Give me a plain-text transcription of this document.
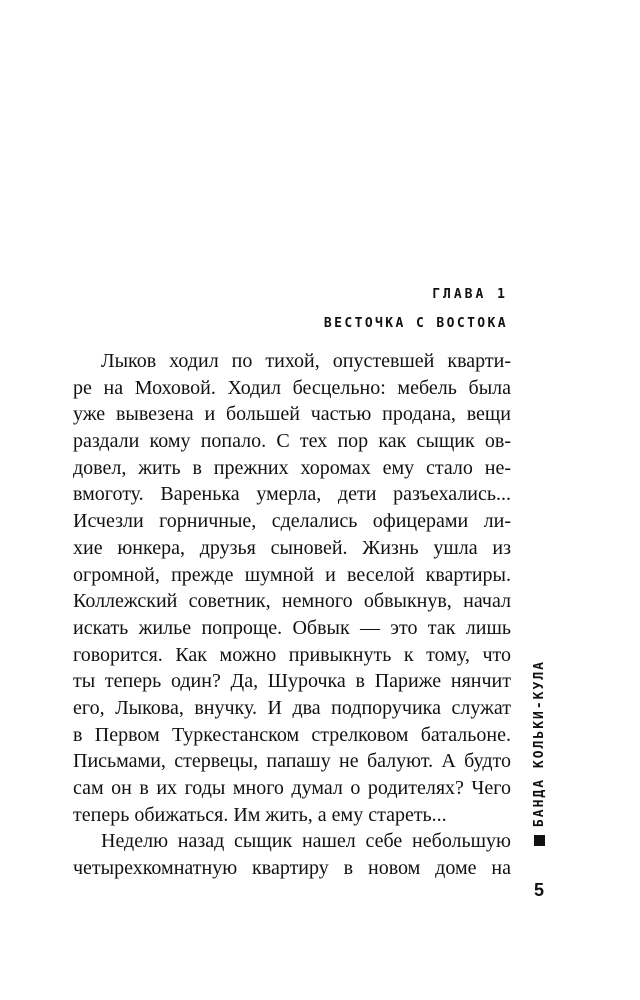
ГЛАВА 1
ВЕСТОЧКА С ВОСТОКА
Лыков ходил по тихой, опустевшей кварти-
ре на Моховой. Ходил бесцельно: мебель была
уже вывезена и большей частью продана, вещи
раздали кому попало. С тех пор как сыщик ов-
довел, жить в прежних хоромах ему стало не-
вмоготу. Варенька умерла, дети разъехались...
Исчезли горничные, сделались офицерами ли-
хие юнкера, друзья сыновей. Жизнь ушла из
огромной, прежде шумной и веселой квартиры.
Коллежский советник, немного обвыкнув, начал
искать жилье попроще. Обвык — это так лишь
говорится. Как можно привыкнуть к тому, что
ты теперь один? Да, Шурочка в Париже нянчит
его, Лыкова, внучку. И два подпоручика служат
в Первом Туркестанском стрелковом батальоне.
Письмами, стервецы, папашу не балуют. А будто
сам он в их годы много думал о родителях? Чего
теперь обижаться. Им жить, а ему стареть...
Неделю назад сыщик нашел себе небольшую
четырехкомнатную квартиру в новом доме на
БАНДА КОЛЬКИ-КУЛА
5
